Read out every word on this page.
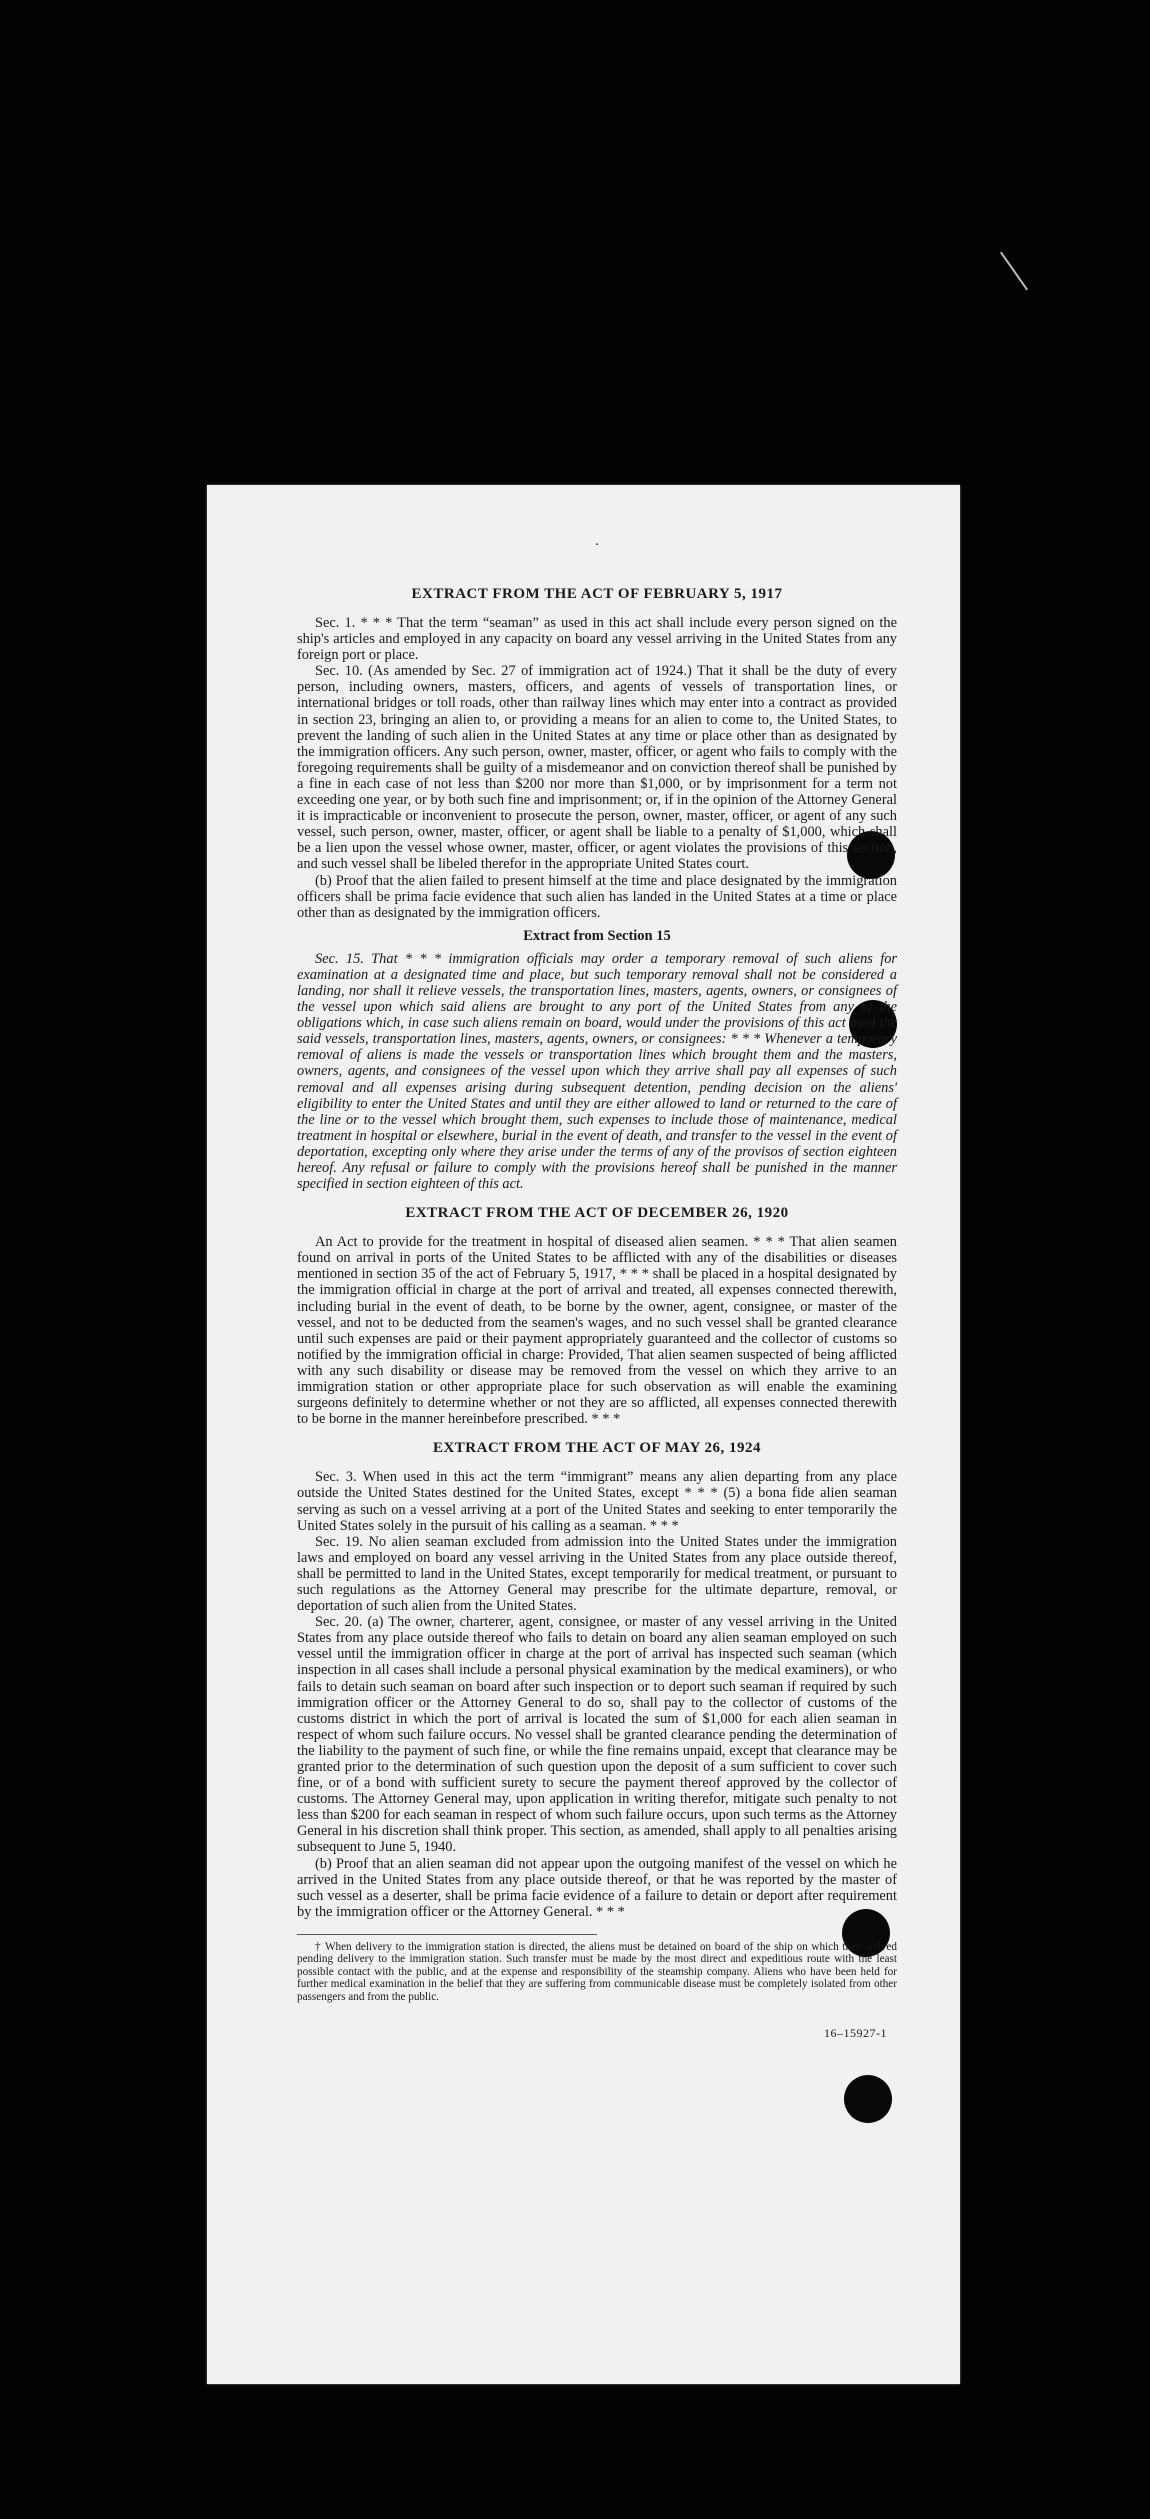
.
EXTRACT FROM THE ACT OF FEBRUARY 5, 1917

Sec. 1. * * * That the term “seaman” as used in this act shall include every person signed on the ship's articles and employed in any capacity on board any vessel arriving in the United States from any foreign port or place.

Sec. 10. (As amended by Sec. 27 of immigration act of 1924.) That it shall be the duty of every person, including owners, masters, officers, and agents of vessels of transportation lines, or international bridges or toll roads, other than railway lines which may enter into a contract as provided in section 23, bringing an alien to, or providing a means for an alien to come to, the United States, to prevent the landing of such alien in the United States at any time or place other than as designated by the immigration officers. Any such person, owner, master, officer, or agent who fails to comply with the foregoing requirements shall be guilty of a misdemeanor and on conviction thereof shall be punished by a fine in each case of not less than $200 nor more than $1,000, or by imprisonment for a term not exceeding one year, or by both such fine and imprisonment; or, if in the opinion of the Attorney General it is impracticable or inconvenient to prosecute the person, owner, master, officer, or agent of any such vessel, such person, owner, master, officer, or agent shall be liable to a penalty of $1,000, which shall be a lien upon the vessel whose owner, master, officer, or agent violates the provisions of this section, and such vessel shall be libeled therefor in the appropriate United States court.

(b) Proof that the alien failed to present himself at the time and place designated by the immigration officers shall be prima facie evidence that such alien has landed in the United States at a time or place other than as designated by the immigration officers.

Extract from Section 15

Sec. 15. That * * * immigration officials may order a temporary removal of such aliens for examination at a designated time and place, but such temporary removal shall not be considered a landing, nor shall it relieve vessels, the transportation lines, masters, agents, owners, or consignees of the vessel upon which said aliens are brought to any port of the United States from any of the obligations which, in case such aliens remain on board, would under the provisions of this act bind the said vessels, transportation lines, masters, agents, owners, or consignees: * * * Whenever a temporary removal of aliens is made the vessels or transportation lines which brought them and the masters, owners, agents, and consignees of the vessel upon which they arrive shall pay all expenses of such removal and all expenses arising during subsequent detention, pending decision on the aliens' eligibility to enter the United States and until they are either allowed to land or returned to the care of the line or to the vessel which brought them, such expenses to include those of maintenance, medical treatment in hospital or elsewhere, burial in the event of death, and transfer to the vessel in the event of deportation, excepting only where they arise under the terms of any of the provisos of section eighteen hereof. Any refusal or failure to comply with the provisions hereof shall be punished in the manner specified in section eighteen of this act.

EXTRACT FROM THE ACT OF DECEMBER 26, 1920

An Act to provide for the treatment in hospital of diseased alien seamen. * * * That alien seamen found on arrival in ports of the United States to be afflicted with any of the disabilities or diseases mentioned in section 35 of the act of February 5, 1917, * * * shall be placed in a hospital designated by the immigration official in charge at the port of arrival and treated, all expenses connected therewith, including burial in the event of death, to be borne by the owner, agent, consignee, or master of the vessel, and not to be deducted from the seamen's wages, and no such vessel shall be granted clearance until such expenses are paid or their payment appropriately guaranteed and the collector of customs so notified by the immigration official in charge: Provided, That alien seamen suspected of being afflicted with any such disability or disease may be removed from the vessel on which they arrive to an immigration station or other appropriate place for such observation as will enable the examining surgeons definitely to determine whether or not they are so afflicted, all expenses connected therewith to be borne in the manner hereinbefore prescribed. * * *

EXTRACT FROM THE ACT OF MAY 26, 1924

Sec. 3. When used in this act the term “immigrant” means any alien departing from any place outside the United States destined for the United States, except * * * (5) a bona fide alien seaman serving as such on a vessel arriving at a port of the United States and seeking to enter temporarily the United States solely in the pursuit of his calling as a seaman. * * *

Sec. 19. No alien seaman excluded from admission into the United States under the immigration laws and employed on board any vessel arriving in the United States from any place outside thereof, shall be permitted to land in the United States, except temporarily for medical treatment, or pursuant to such regulations as the Attorney General may prescribe for the ultimate departure, removal, or deportation of such alien from the United States.

Sec. 20. (a) The owner, charterer, agent, consignee, or master of any vessel arriving in the United States from any place outside thereof who fails to detain on board any alien seaman employed on such vessel until the immigration officer in charge at the port of arrival has inspected such seaman (which inspection in all cases shall include a personal physical examination by the medical examiners), or who fails to detain such seaman on board after such inspection or to deport such seaman if required by such immigration officer or the Attorney General to do so, shall pay to the collector of customs of the customs district in which the port of arrival is located the sum of $1,000 for each alien seaman in respect of whom such failure occurs. No vessel shall be granted clearance pending the determination of the liability to the payment of such fine, or while the fine remains unpaid, except that clearance may be granted prior to the determination of such question upon the deposit of a sum sufficient to cover such fine, or of a bond with sufficient surety to secure the payment thereof approved by the collector of customs. The Attorney General may, upon application in writing therefor, mitigate such penalty to not less than $200 for each seaman in respect of whom such failure occurs, upon such terms as the Attorney General in his discretion shall think proper. This section, as amended, shall apply to all penalties arising subsequent to June 5, 1940.

(b) Proof that an alien seaman did not appear upon the outgoing manifest of the vessel on which he arrived in the United States from any place outside thereof, or that he was reported by the master of such vessel as a deserter, shall be prima facie evidence of a failure to detain or deport after requirement by the immigration officer or the Attorney General. * * *

† When delivery to the immigration station is directed, the aliens must be detained on board of the ship on which they arrived pending delivery to the immigration station. Such transfer must be made by the most direct and expeditious route with the least possible contact with the public, and at the expense and responsibility of the steamship company. Aliens who have been held for further medical examination in the belief that they are suffering from communicable disease must be completely isolated from other passengers and from the public.
16–15927-1
